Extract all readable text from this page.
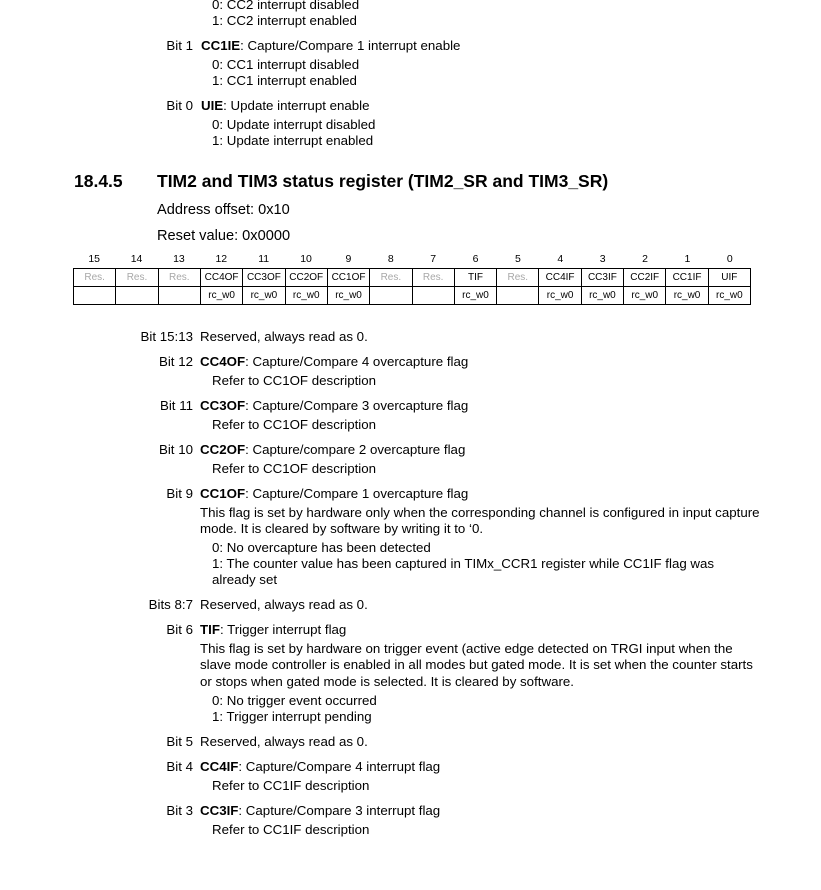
0: CC2 interrupt disabled
1: CC2 interrupt enabled
Bit 1 CC1IE: Capture/Compare 1 interrupt enable
0: CC1 interrupt disabled
1: CC1 interrupt enabled
Bit 0 UIE: Update interrupt enable
0: Update interrupt disabled
1: Update interrupt enabled
18.4.5 TIM2 and TIM3 status register (TIM2_SR and TIM3_SR)
Address offset: 0x10
Reset value: 0x0000
15	14	13	12	11	10	9	8	7	6	5	4	3	2	1	0
Res.	Res.	Res.	CC4OF	CC3OF	CC2OF	CC1OF	Res.	Res.	TIF	Res.	CC4IF	CC3IF	CC2IF	CC1IF	UIF
			rc_w0	rc_w0	rc_w0	rc_w0			rc_w0		rc_w0	rc_w0	rc_w0	rc_w0	rc_w0
Bit 15:13 Reserved, always read as 0.
Bit 12 CC4OF: Capture/Compare 4 overcapture flag
Refer to CC1OF description
Bit 11 CC3OF: Capture/Compare 3 overcapture flag
Refer to CC1OF description
Bit 10 CC2OF: Capture/compare 2 overcapture flag
Refer to CC1OF description
Bit 9 CC1OF: Capture/Compare 1 overcapture flag
This flag is set by hardware only when the corresponding channel is configured in input capture
mode. It is cleared by software by writing it to ‘0.
0: No overcapture has been detected
1: The counter value has been captured in TIMx_CCR1 register while CC1IF flag was
already set
Bits 8:7 Reserved, always read as 0.
Bit 6 TIF: Trigger interrupt flag
This flag is set by hardware on trigger event (active edge detected on TRGI input when the
slave mode controller is enabled in all modes but gated mode. It is set when the counter starts
or stops when gated mode is selected. It is cleared by software.
0: No trigger event occurred
1: Trigger interrupt pending
Bit 5 Reserved, always read as 0.
Bit 4 CC4IF: Capture/Compare 4 interrupt flag
Refer to CC1IF description
Bit 3 CC3IF: Capture/Compare 3 interrupt flag
Refer to CC1IF description
